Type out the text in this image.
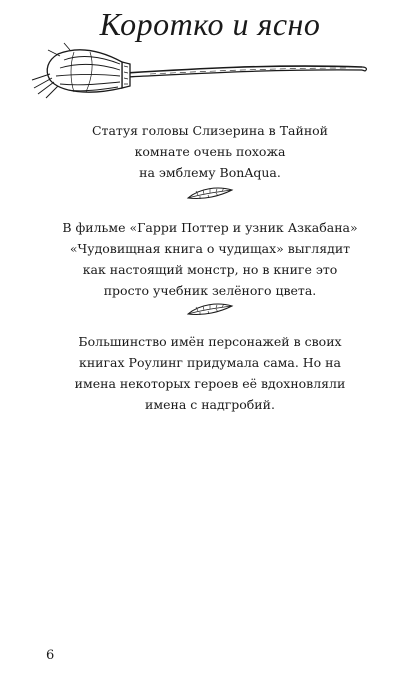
Коротко и ясно
Статуя головы Слизерина в Тайной
комнате очень похожа
на эмблему BonAqua.
В фильме «Гарри Поттер и узник Азкабана»
«Чудовищная книга о чудищах» выглядит
как настоящий монстр, но в книге это
просто учебник зелёного цвета.
Большинство имён персонажей в своих
книгах Роулинг придумала сама. Но на
имена некоторых героев её вдохновляли
имена с надгробий.
6
